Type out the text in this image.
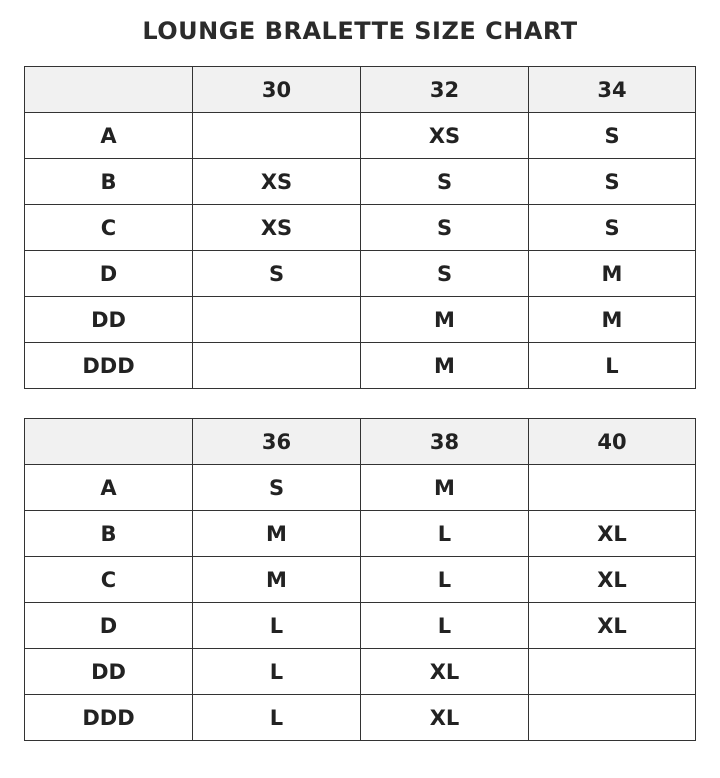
LOUNGE BRALETTE SIZE CHART
	30	32	34
A		XS	S
B	XS	S	S
C	XS	S	S
D	S	S	M
DD		M	M
DDD		M	L
	36	38	40
A	S	M	
B	M	L	XL
C	M	L	XL
D	L	L	XL
DD	L	XL	
DDD	L	XL	
